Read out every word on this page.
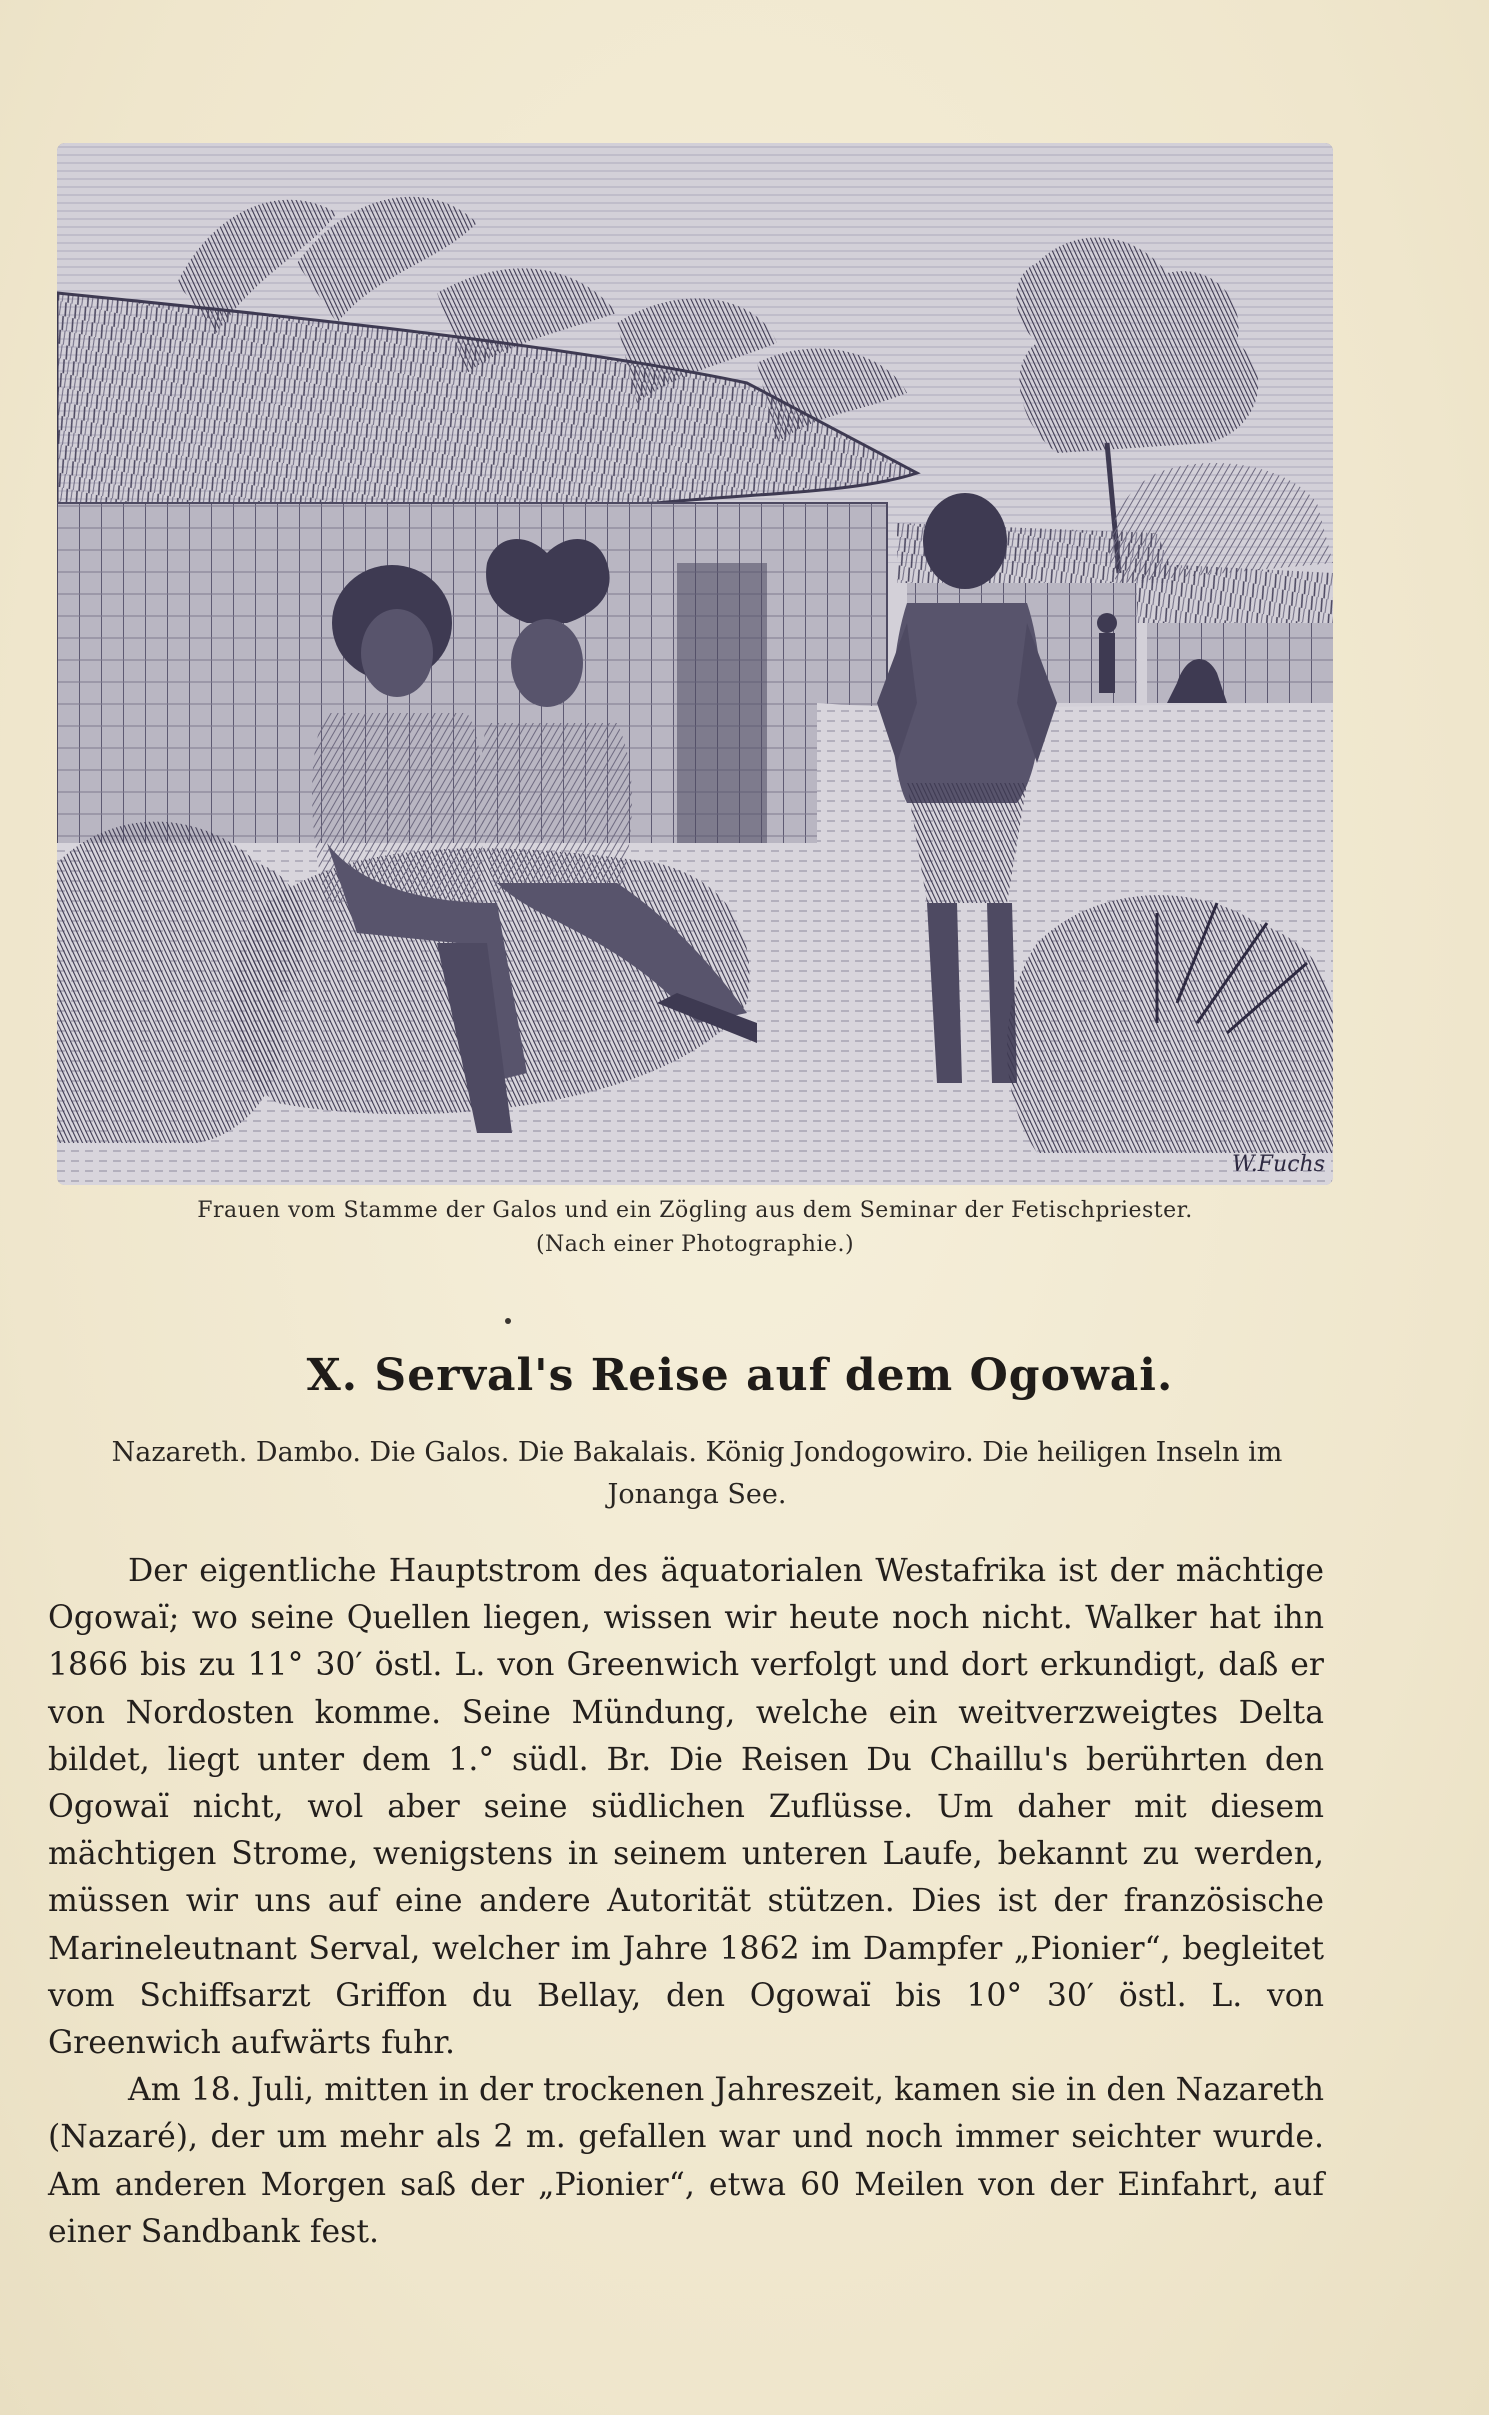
W.Fuchs
Frauen vom Stamme der Galos und ein Zögling aus dem Seminar der Fetischpriester.
(Nach einer Photographie.)
X. Serval's Reise auf dem Ogowai.
Nazareth. Dambo. Die Galos. Die Bakalais. König Jondogowiro. Die heiligen Inseln im Jonanga See.

Der eigentliche Hauptstrom des äquatorialen Westafrika ist der mächtige Ogowaï; wo seine Quellen liegen, wissen wir heute noch nicht. Walker hat ihn 1866 bis zu 11° 30′ östl. L. von Greenwich verfolgt und dort erkundigt, daß er von Nordosten komme. Seine Mündung, welche ein weitverzweigtes Delta bildet, liegt unter dem 1.° südl. Br. Die Reisen Du Chaillu's berührten den Ogowaï nicht, wol aber seine südlichen Zuflüsse. Um daher mit diesem mächtigen Strome, wenigstens in seinem unteren Laufe, bekannt zu werden, müssen wir uns auf eine andere Autorität stützen. Dies ist der französische Marineleutnant Serval, welcher im Jahre 1862 im Dampfer „Pionier“, begleitet vom Schiffsarzt Griffon du Bellay, den Ogowaï bis 10° 30′ östl. L. von Greenwich aufwärts fuhr.

Am 18. Juli, mitten in der trockenen Jahreszeit, kamen sie in den Nazareth (Nazaré), der um mehr als 2 m. gefallen war und noch immer seichter wurde. Am anderen Morgen saß der „Pionier“, etwa 60 Meilen von der Einfahrt, auf einer Sandbank fest.
